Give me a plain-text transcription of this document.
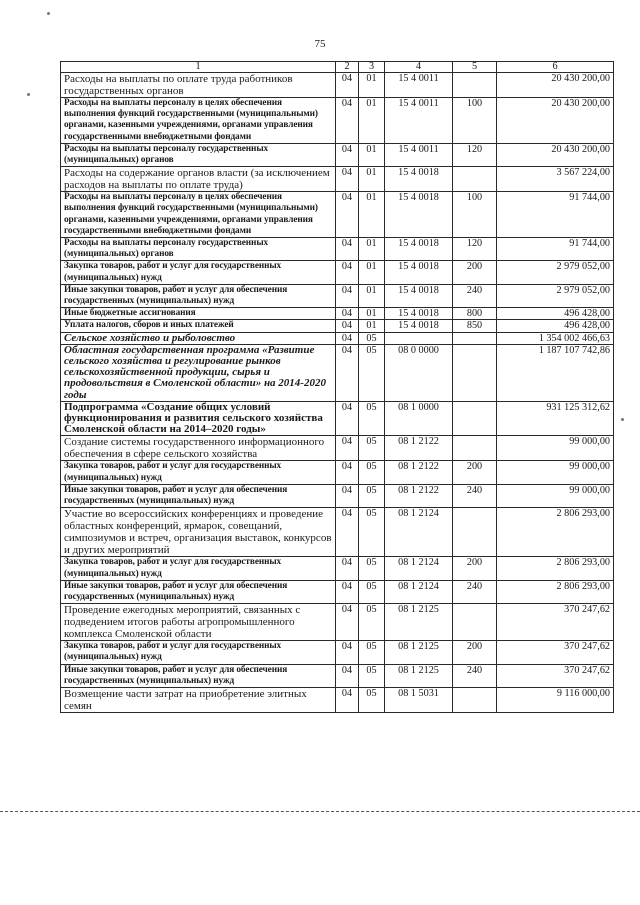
75
1	2	3	4	5	6
Расходы на выплаты по оплате труда работников государственных органов	04	01	15 4 0011		20 430 200,00
Расходы на выплаты персоналу в целях обеспечения выполнения функций государственными (муниципальными) органами, казенными учреждениями, органами управления государственными внебюджетными фондами	04	01	15 4 0011	100	20 430 200,00
Расходы на выплаты персоналу государственных (муниципальных) органов	04	01	15 4 0011	120	20 430 200,00
Расходы на содержание органов власти (за исключением расходов на выплаты по оплате труда)	04	01	15 4 0018		3 567 224,00
Расходы на выплаты персоналу в целях обеспечения выполнения функций государственными (муниципальными) органами, казенными учреждениями, органами управления государственными внебюджетными фондами	04	01	15 4 0018	100	91 744,00
Расходы на выплаты персоналу государственных (муниципальных) органов	04	01	15 4 0018	120	91 744,00
Закупка товаров, работ и услуг для государственных (муниципальных) нужд	04	01	15 4 0018	200	2 979 052,00
Иные закупки товаров, работ и услуг для обеспечения государственных (муниципальных) нужд	04	01	15 4 0018	240	2 979 052,00
Иные бюджетные ассигнования	04	01	15 4 0018	800	496 428,00
Уплата налогов, сборов и иных платежей	04	01	15 4 0018	850	496 428,00
Сельское хозяйство и рыболовство	04	05			1 354 002 466,63
Областная государственная программа «Развитие сельского хозяйства и регулирование рынков сельскохозяйственной продукции, сырья и продовольствия в Смоленской области» на 2014-2020 годы	04	05	08 0 0000		1 187 107 742,86
Подпрограмма «Создание общих условий функционирования и развития сельского хозяйства Смоленской области на 2014–2020 годы»	04	05	08 1 0000		931 125 312,62
Создание системы государственного информационного обеспечения в сфере сельского хозяйства	04	05	08 1 2122		99 000,00
Закупка товаров, работ и услуг для государственных (муниципальных) нужд	04	05	08 1 2122	200	99 000,00
Иные закупки товаров, работ и услуг для обеспечения государственных (муниципальных) нужд	04	05	08 1 2122	240	99 000,00
Участие во всероссийских конференциях и проведение областных конференций, ярмарок, совещаний, симпозиумов и встреч, организация выставок, конкурсов и других мероприятий	04	05	08 1 2124		2 806 293,00
Закупка товаров, работ и услуг для государственных (муниципальных) нужд	04	05	08 1 2124	200	2 806 293,00
Иные закупки товаров, работ и услуг для обеспечения государственных (муниципальных) нужд	04	05	08 1 2124	240	2 806 293,00
Проведение ежегодных мероприятий, связанных с подведением итогов работы агропромышленного комплекса Смоленской области	04	05	08 1 2125		370 247,62
Закупка товаров, работ и услуг для государственных (муниципальных) нужд	04	05	08 1 2125	200	370 247,62
Иные закупки товаров, работ и услуг для обеспечения государственных (муниципальных) нужд	04	05	08 1 2125	240	370 247,62
Возмещение части затрат на приобретение элитных семян	04	05	08 1 5031		9 116 000,00
